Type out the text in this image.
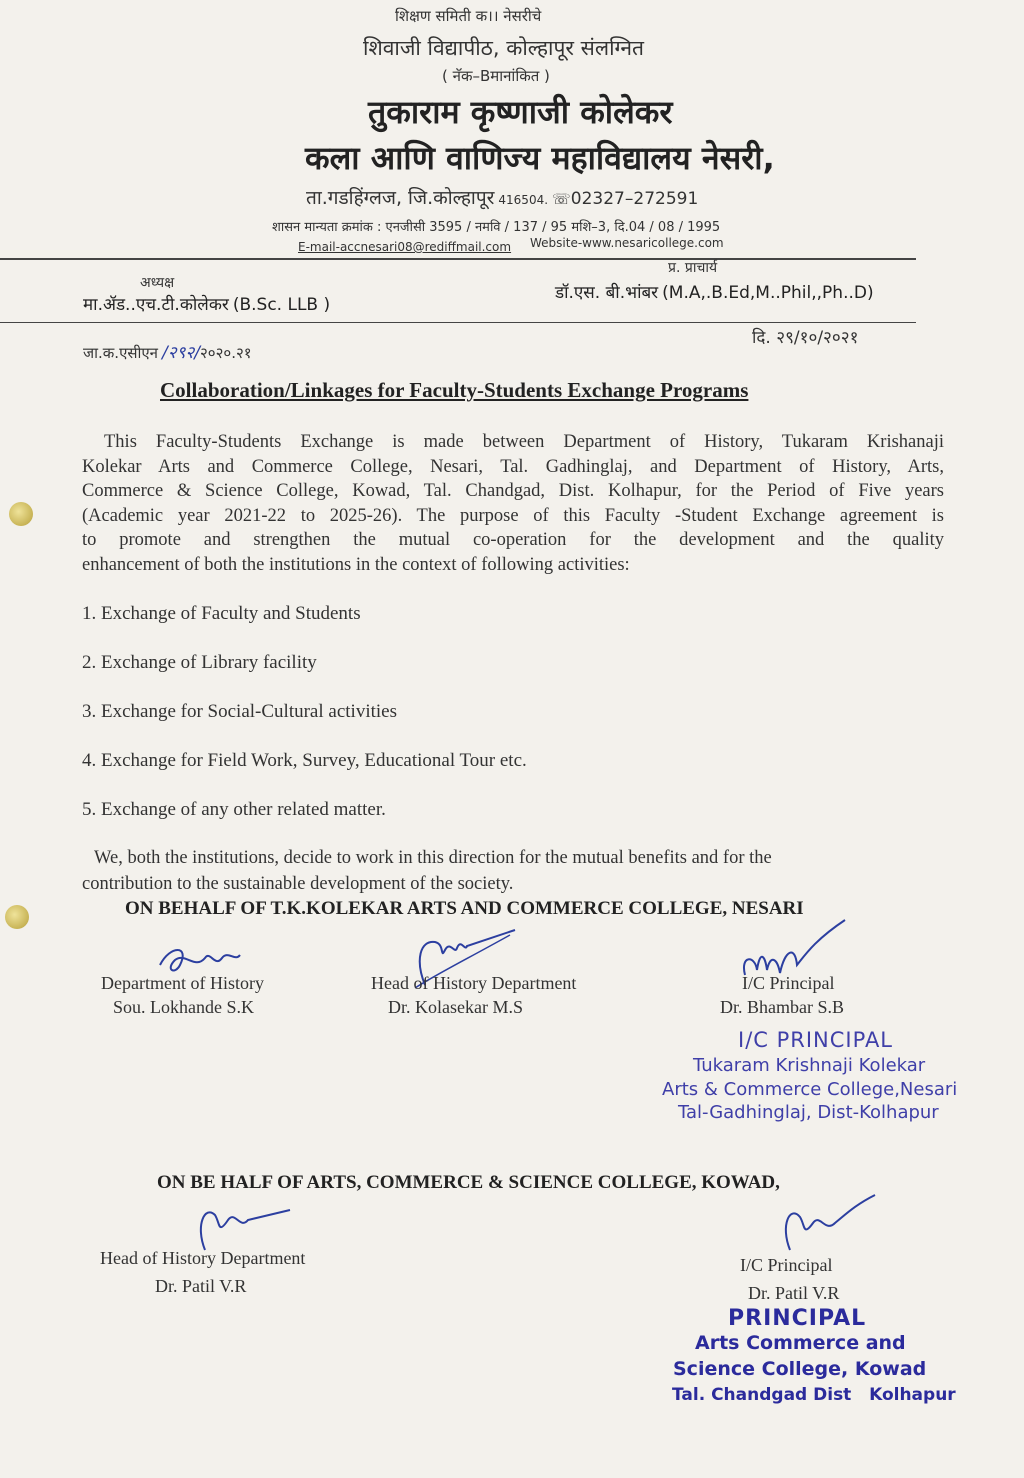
शिक्षण समिती क।। नेसरीचे
शिवाजी विद्यापीठ, कोल्हापूर संलग्नित
( नॅक–Bमानांकित )
तुकाराम कृष्णाजी कोलेकर
कला आणि वाणिज्य महाविद्यालय नेसरी,
ता.गडहिंग्लज, जि.कोल्हापूर 416504. ☏02327–272591
शासन मान्यता क्रमांक : एनजीसी 3595 / नमवि / 137 / 95 मशि–3, दि.04 / 08 / 1995
E-mail-accnesari08@rediffmail.com Website-www.nesaricollege.com
अध्यक्ष
मा.ॲड..एच.टी.कोलेकर (B.Sc. LLB )
प्र. प्राचार्य
डॉ.एस. बी.भांबर (M.A,.B.Ed,M..Phil,,Ph..D)
जा.क.एसीएन /२९२/२०२०.२१
दि. २९/१०/२०२१
Collaboration/Linkages for Faculty-Students Exchange Programs
This Faculty-Students Exchange is made between Department of History, Tukaram Krishanaji
Kolekar Arts and Commerce College, Nesari, Tal. Gadhinglaj, and Department of History, Arts,
Commerce & Science College, Kowad, Tal. Chandgad, Dist. Kolhapur, for the Period of Five years
(Academic year 2021-22 to 2025-26). The purpose of this Faculty -Student Exchange agreement is
to promote and strengthen the mutual co-operation for the development and the quality
enhancement of both the institutions in the context of following activities:
1. Exchange of Faculty and Students
2. Exchange of Library facility
3. Exchange for Social-Cultural activities
4. Exchange for Field Work, Survey, Educational Tour etc.
5. Exchange of any other related matter.
We, both the institutions, decide to work in this direction for the mutual benefits and for the
contribution to the sustainable development of the society.
ON BEHALF OF T.K.KOLEKAR ARTS AND COMMERCE COLLEGE, NESARI
Department of History
Sou. Lokhande S.K
Head of History Department
Dr. Kolasekar M.S
I/C Principal
Dr. Bhambar S.B
I/C PRINCIPAL
Tukaram Krishnaji Kolekar
Arts & Commerce College,Nesari
Tal-Gadhinglaj, Dist-Kolhapur
ON BE HALF OF ARTS, COMMERCE & SCIENCE COLLEGE, KOWAD,
Head of History Department
Dr. Patil V.R
I/C Principal
Dr. Patil V.R
PRINCIPAL
Arts Commerce and
Science College, Kowad
Tal. Chandgad Dist   Kolhapur
